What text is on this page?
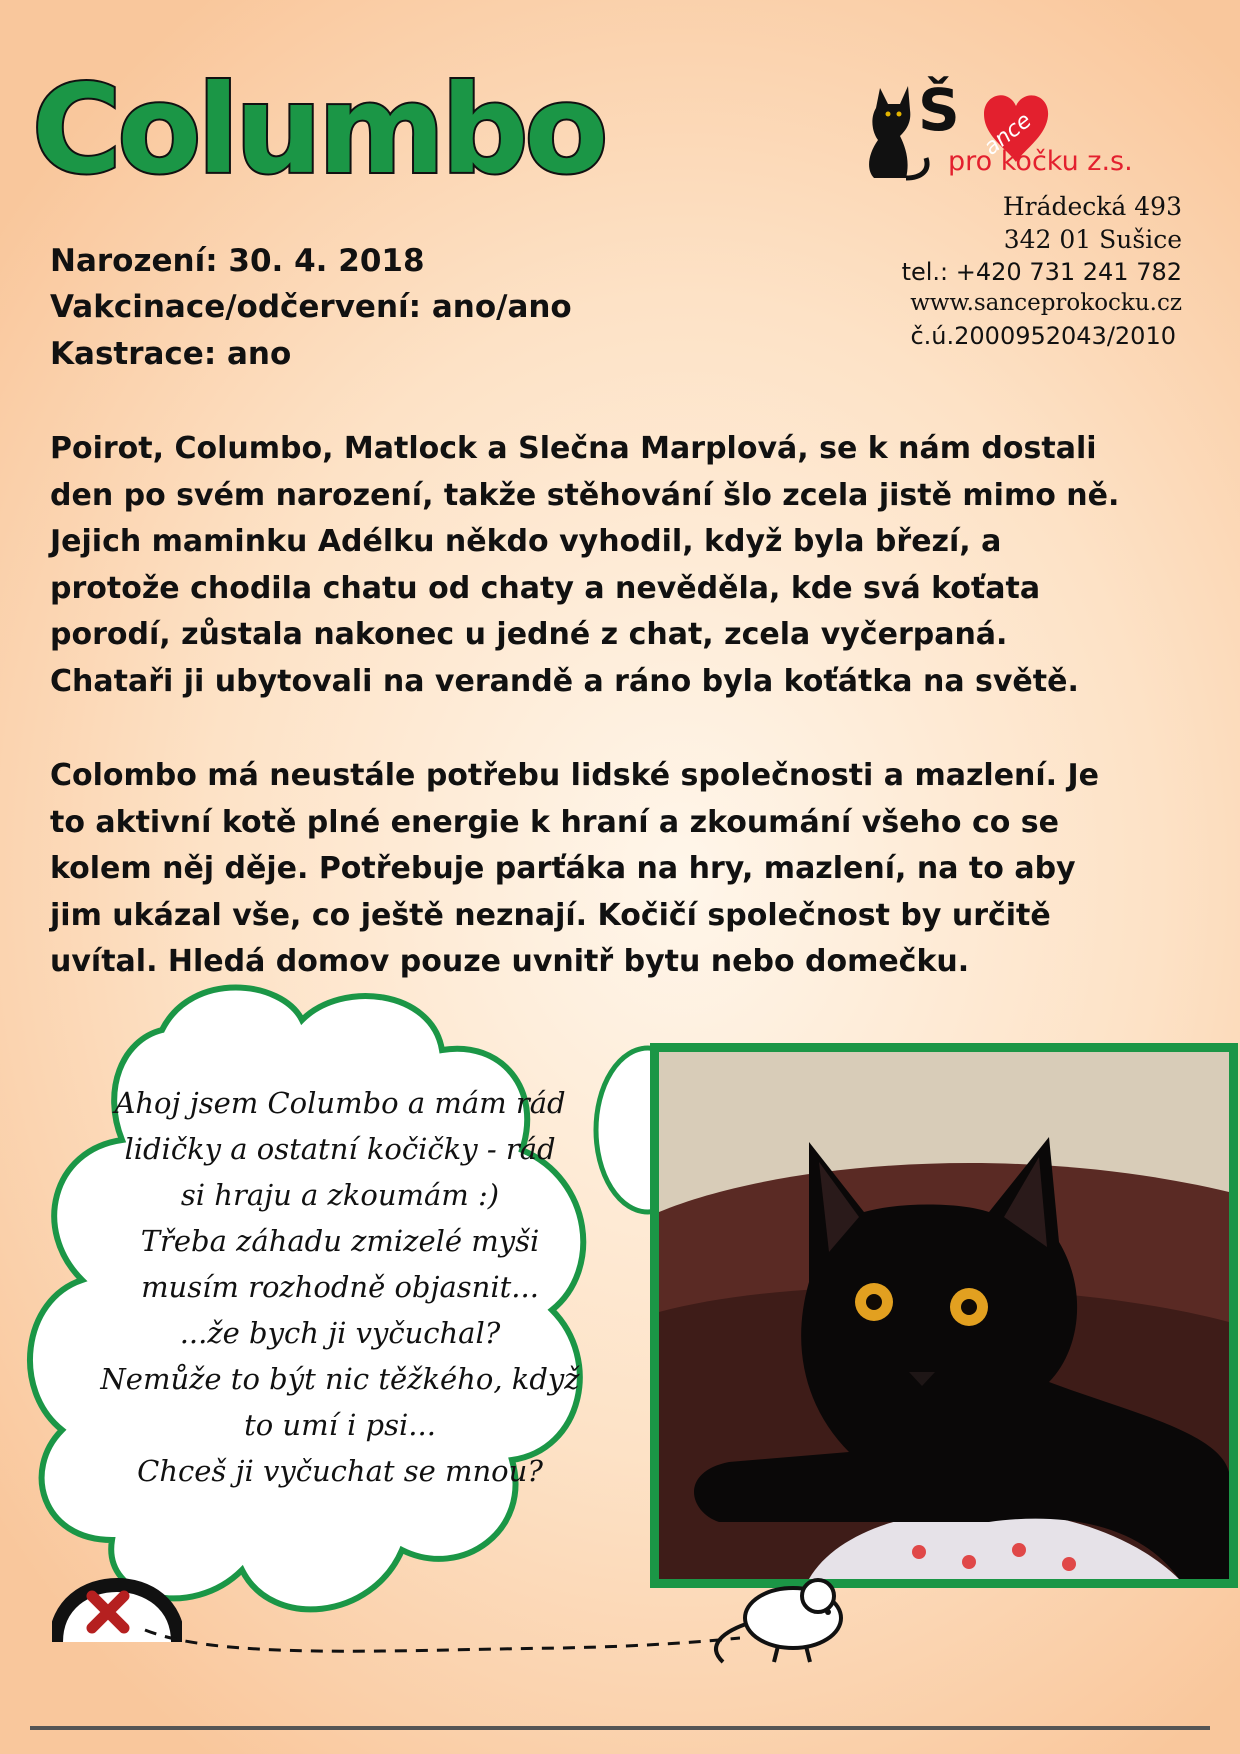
Columbo	Š ance
pro kočku z.s.
Hrádecká 493
342 01 Sušice
tel.: +420 731 241 782
www.sanceprokocku.cz
č.ú.2000952043/2010
Narození: 30. 4. 2018
Vakcinace/odčervení: ano/ano
Kastrace: ano
Poirot, Columbo, Matlock a Slečna Marplová, se k nám dostali
den po svém narození, takže stěhování šlo zcela jistě mimo ně.
Jejich maminku Adélku někdo vyhodil, když byla březí, a
protože chodila chatu od chaty a nevěděla, kde svá koťata
porodí, zůstala nakonec u jedné z chat, zcela vyčerpaná.
Chataři ji ubytovali na verandě a ráno byla koťátka na světě.
Colombo má neustále potřebu lidské společnosti a mazlení. Je
to aktivní kotě plné energie k hraní a zkoumání všeho co se
kolem něj děje. Potřebuje parťáka na hry, mazlení, na to aby
jim ukázal vše, co ještě neznají. Kočičí společnost by určitě
uvítal. Hledá domov pouze uvnitř bytu nebo domečku.
Ahoj jsem Columbo a mám rád
lidičky a ostatní kočičky - rád
si hraju a zkoumám :)
Třeba záhadu zmizelé myši
musím rozhodně objasnit...
...že bych ji vyčuchal?
Nemůže to být nic těžkého, když
to umí i psi...
Chceš ji vyčuchat se mnou?
